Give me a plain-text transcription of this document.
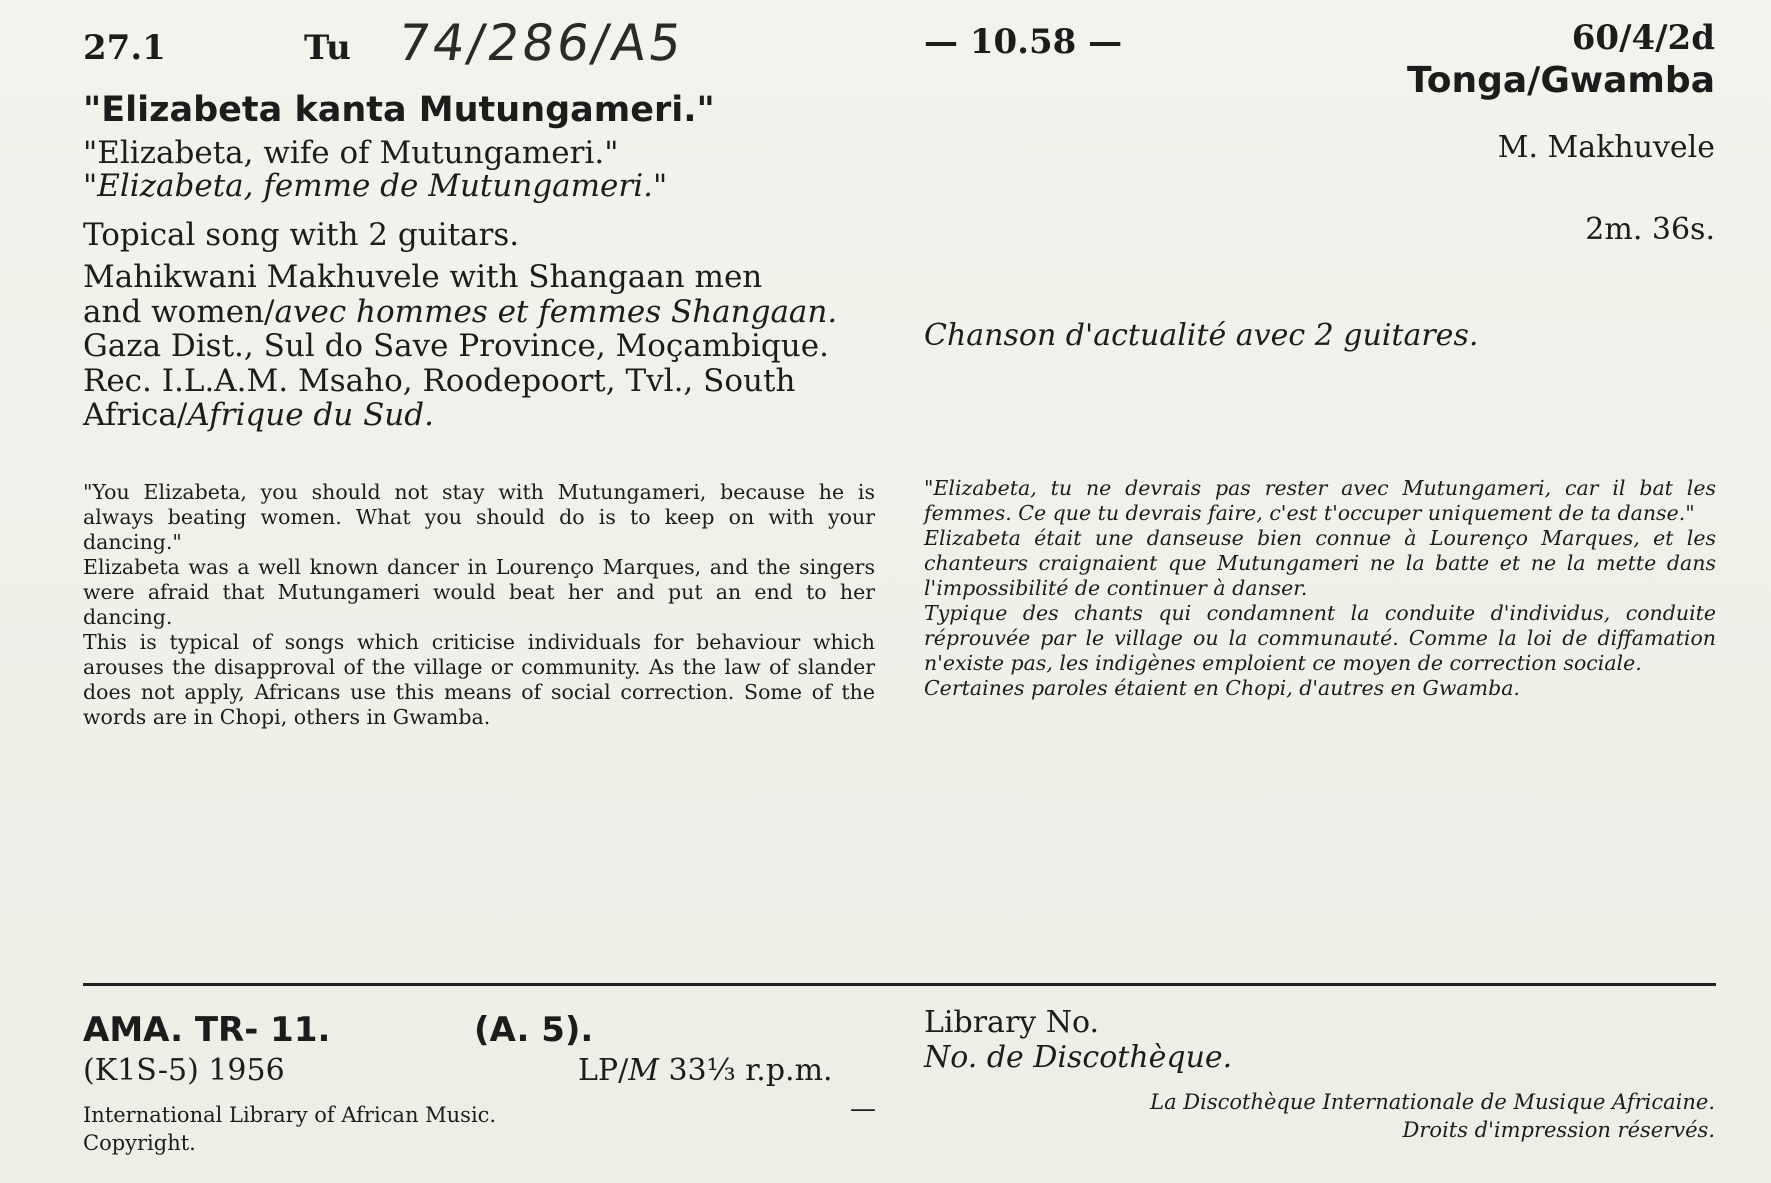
27.1	Tu 74/286/A5	— 10.58 —	60/4/2d
Tonga/Gwamba
"Elizabeta kanta Mutungameri."
"Elizabeta, wife of Mutungameri."
"Elizabeta, femme de Mutungameri."
M. Makhuvele
Topical song with 2 guitars.	2m. 36s.
Mahikwani Makhuvele with Shangaan men
and women/avec hommes et femmes Shangaan.
Gaza Dist., Sul do Save Province, Moçambique.
Rec. I.L.A.M. Msaho, Roodepoort, Tvl., South
Africa/Afrique du Sud.
Chanson d'actualité avec 2 guitares.

"You Elizabeta, you should not stay with Mutungameri, because he is always beating women. What you should do is to keep on with your dancing."

Elizabeta was a well known dancer in Lourenço Marques, and the singers were afraid that Mutungameri would beat her and put an end to her dancing.

This is typical of songs which criticise individuals for behaviour which arouses the disapproval of the village or community. As the law of slander does not apply, Africans use this means of social correction. Some of the words are in Chopi, others in Gwamba.

"Elizabeta, tu ne devrais pas rester avec Mutungameri, car il bat les femmes. Ce que tu devrais faire, c'est t'occuper uniquement de ta danse."

Elizabeta était une danseuse bien connue à Lourenço Marques, et les chanteurs craignaient que Mutungameri ne la batte et ne la mette dans l'impossibilité de continuer à danser.

Typique des chants qui condamnent la conduite d'individus, conduite réprouvée par le village ou la communauté. Comme la loi de diffamation n'existe pas, les indigènes emploient ce moyen de correction sociale.

Certaines paroles étaient en Chopi, d'autres en Gwamba.

AMA. TR- 11.	(A. 5).
(K1S-5) 1956	LP/M 33⅓ r.p.m.
International Library of African Music.
Copyright.
—
Library No.
No. de Discothèque.
La Discothèque Internationale de Musique Africaine.
Droits d'impression réservés.
